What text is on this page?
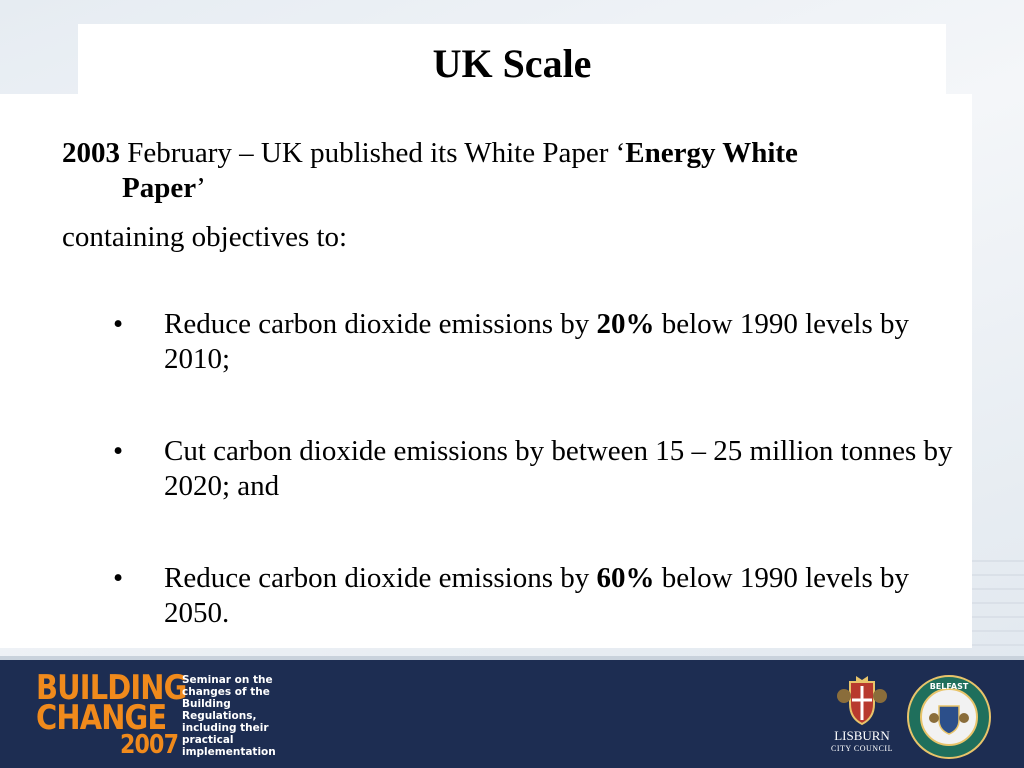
UK Scale
2003 February – UK published its White Paper ‘Energy White
Paper’
containing objectives to:
• Reduce carbon dioxide emissions by 20% below 1990 levels by 2010;
• Cut carbon dioxide emissions by between 15 – 25 million tonnes by 2020; and
• Reduce carbon dioxide emissions by 60% below 1990 levels by 2050.
BUILDING
CHANGE
2007
Seminar on the changes of the Building Regulations, including their practical implementation
LISBURN
CITY COUNCIL
BELFAST
